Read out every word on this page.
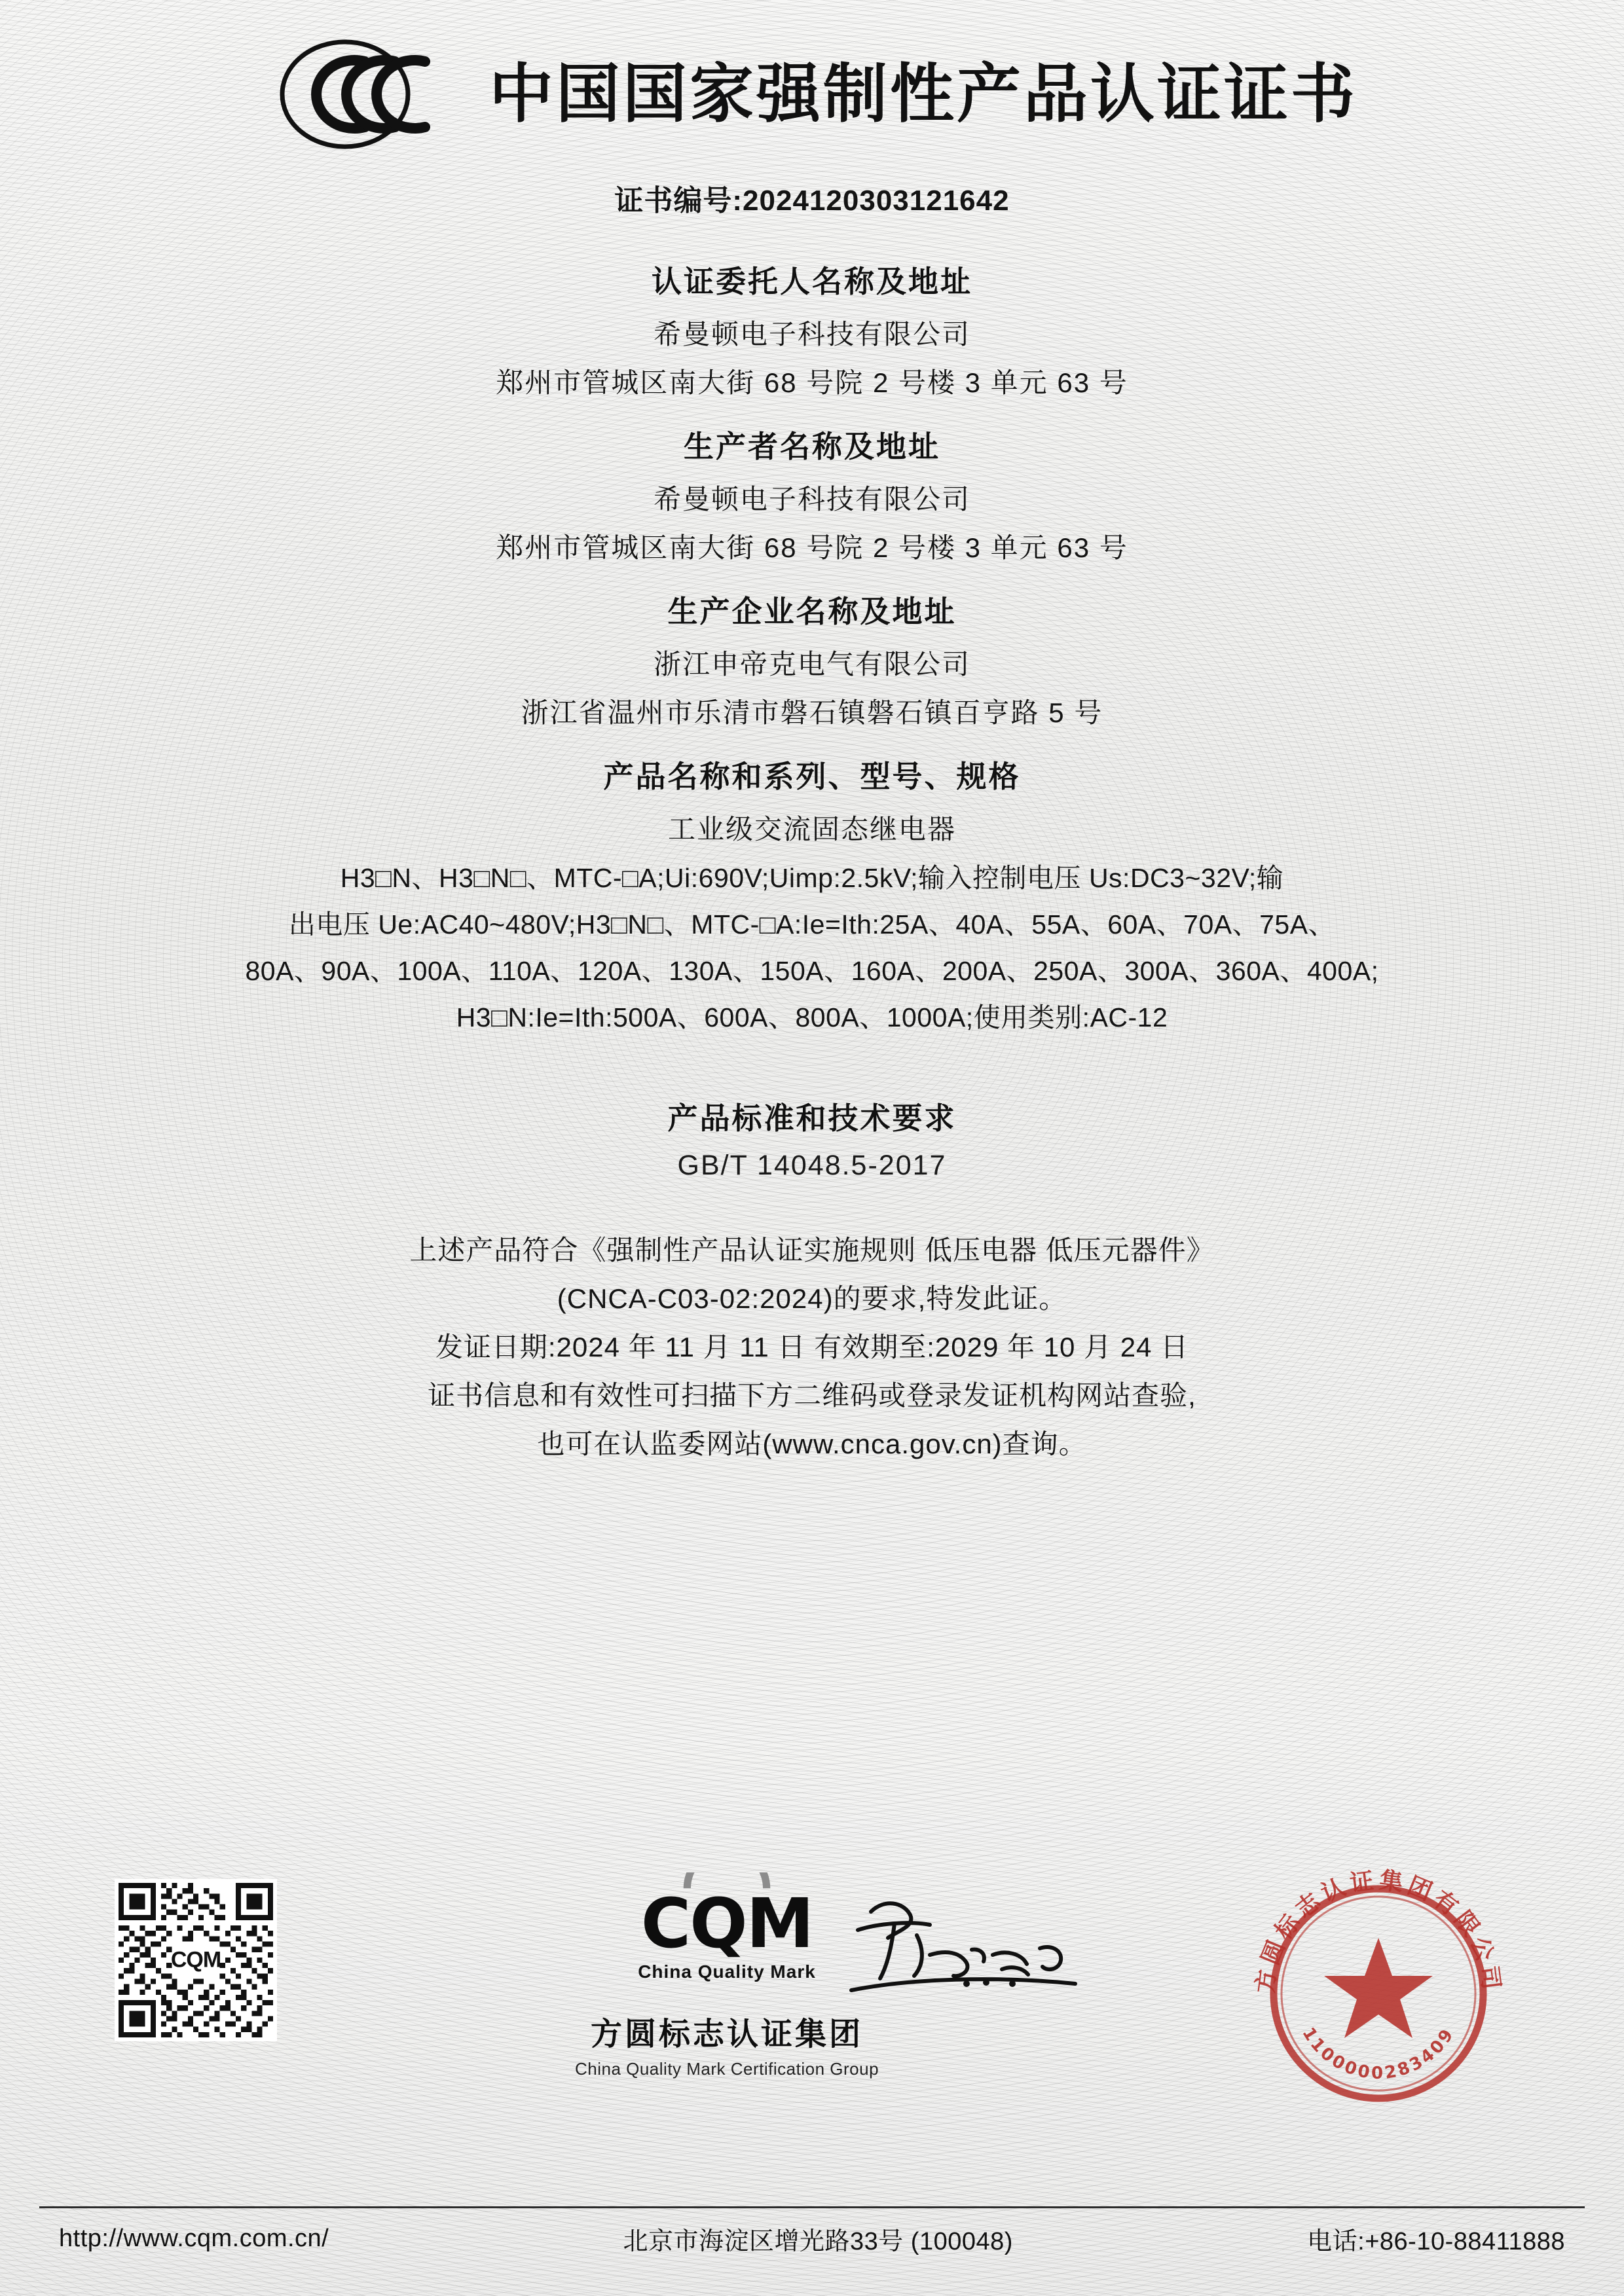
中国国家强制性产品认证证书
证书编号:2024120303121642
认证委托人名称及地址
希曼顿电子科技有限公司
郑州市管城区南大街 68 号院 2 号楼 3 单元 63 号
生产者名称及地址
希曼顿电子科技有限公司
郑州市管城区南大街 68 号院 2 号楼 3 单元 63 号
生产企业名称及地址
浙江申帝克电气有限公司
浙江省温州市乐清市磐石镇磐石镇百亨路 5 号
产品名称和系列、型号、规格
工业级交流固态继电器
H3□N、H3□N□、MTC-□A;Ui:690V;Uimp:2.5kV;输入控制电压 Us:DC3~32V;输
出电压 Ue:AC40~480V;H3□N□、MTC-□A:Ie=Ith:25A、40A、55A、60A、70A、75A、
80A、90A、100A、110A、120A、130A、150A、160A、200A、250A、300A、360A、400A;
H3□N:Ie=Ith:500A、600A、800A、1000A;使用类别:AC-12
产品标准和技术要求
GB/T 14048.5-2017
上述产品符合《强制性产品认证实施规则 低压电器 低压元器件》
(CNCA-C03-02:2024)的要求,特发此证。
发证日期:2024 年 11 月 11 日 有效期至:2029 年 10 月 24 日
证书信息和有效性可扫描下方二维码或登录发证机构网站查验,
也可在认监委网站(www.cnca.gov.cn)查询。
CQM	CQM
China Quality Mark
方圆标志认证集团
China Quality Mark Certification Group
方圆标志认证集团有限公司
1100000283409
http://www.cqm.com.cn/	北京市海淀区增光路33号 (100048)	电话:+86-10-88411888
